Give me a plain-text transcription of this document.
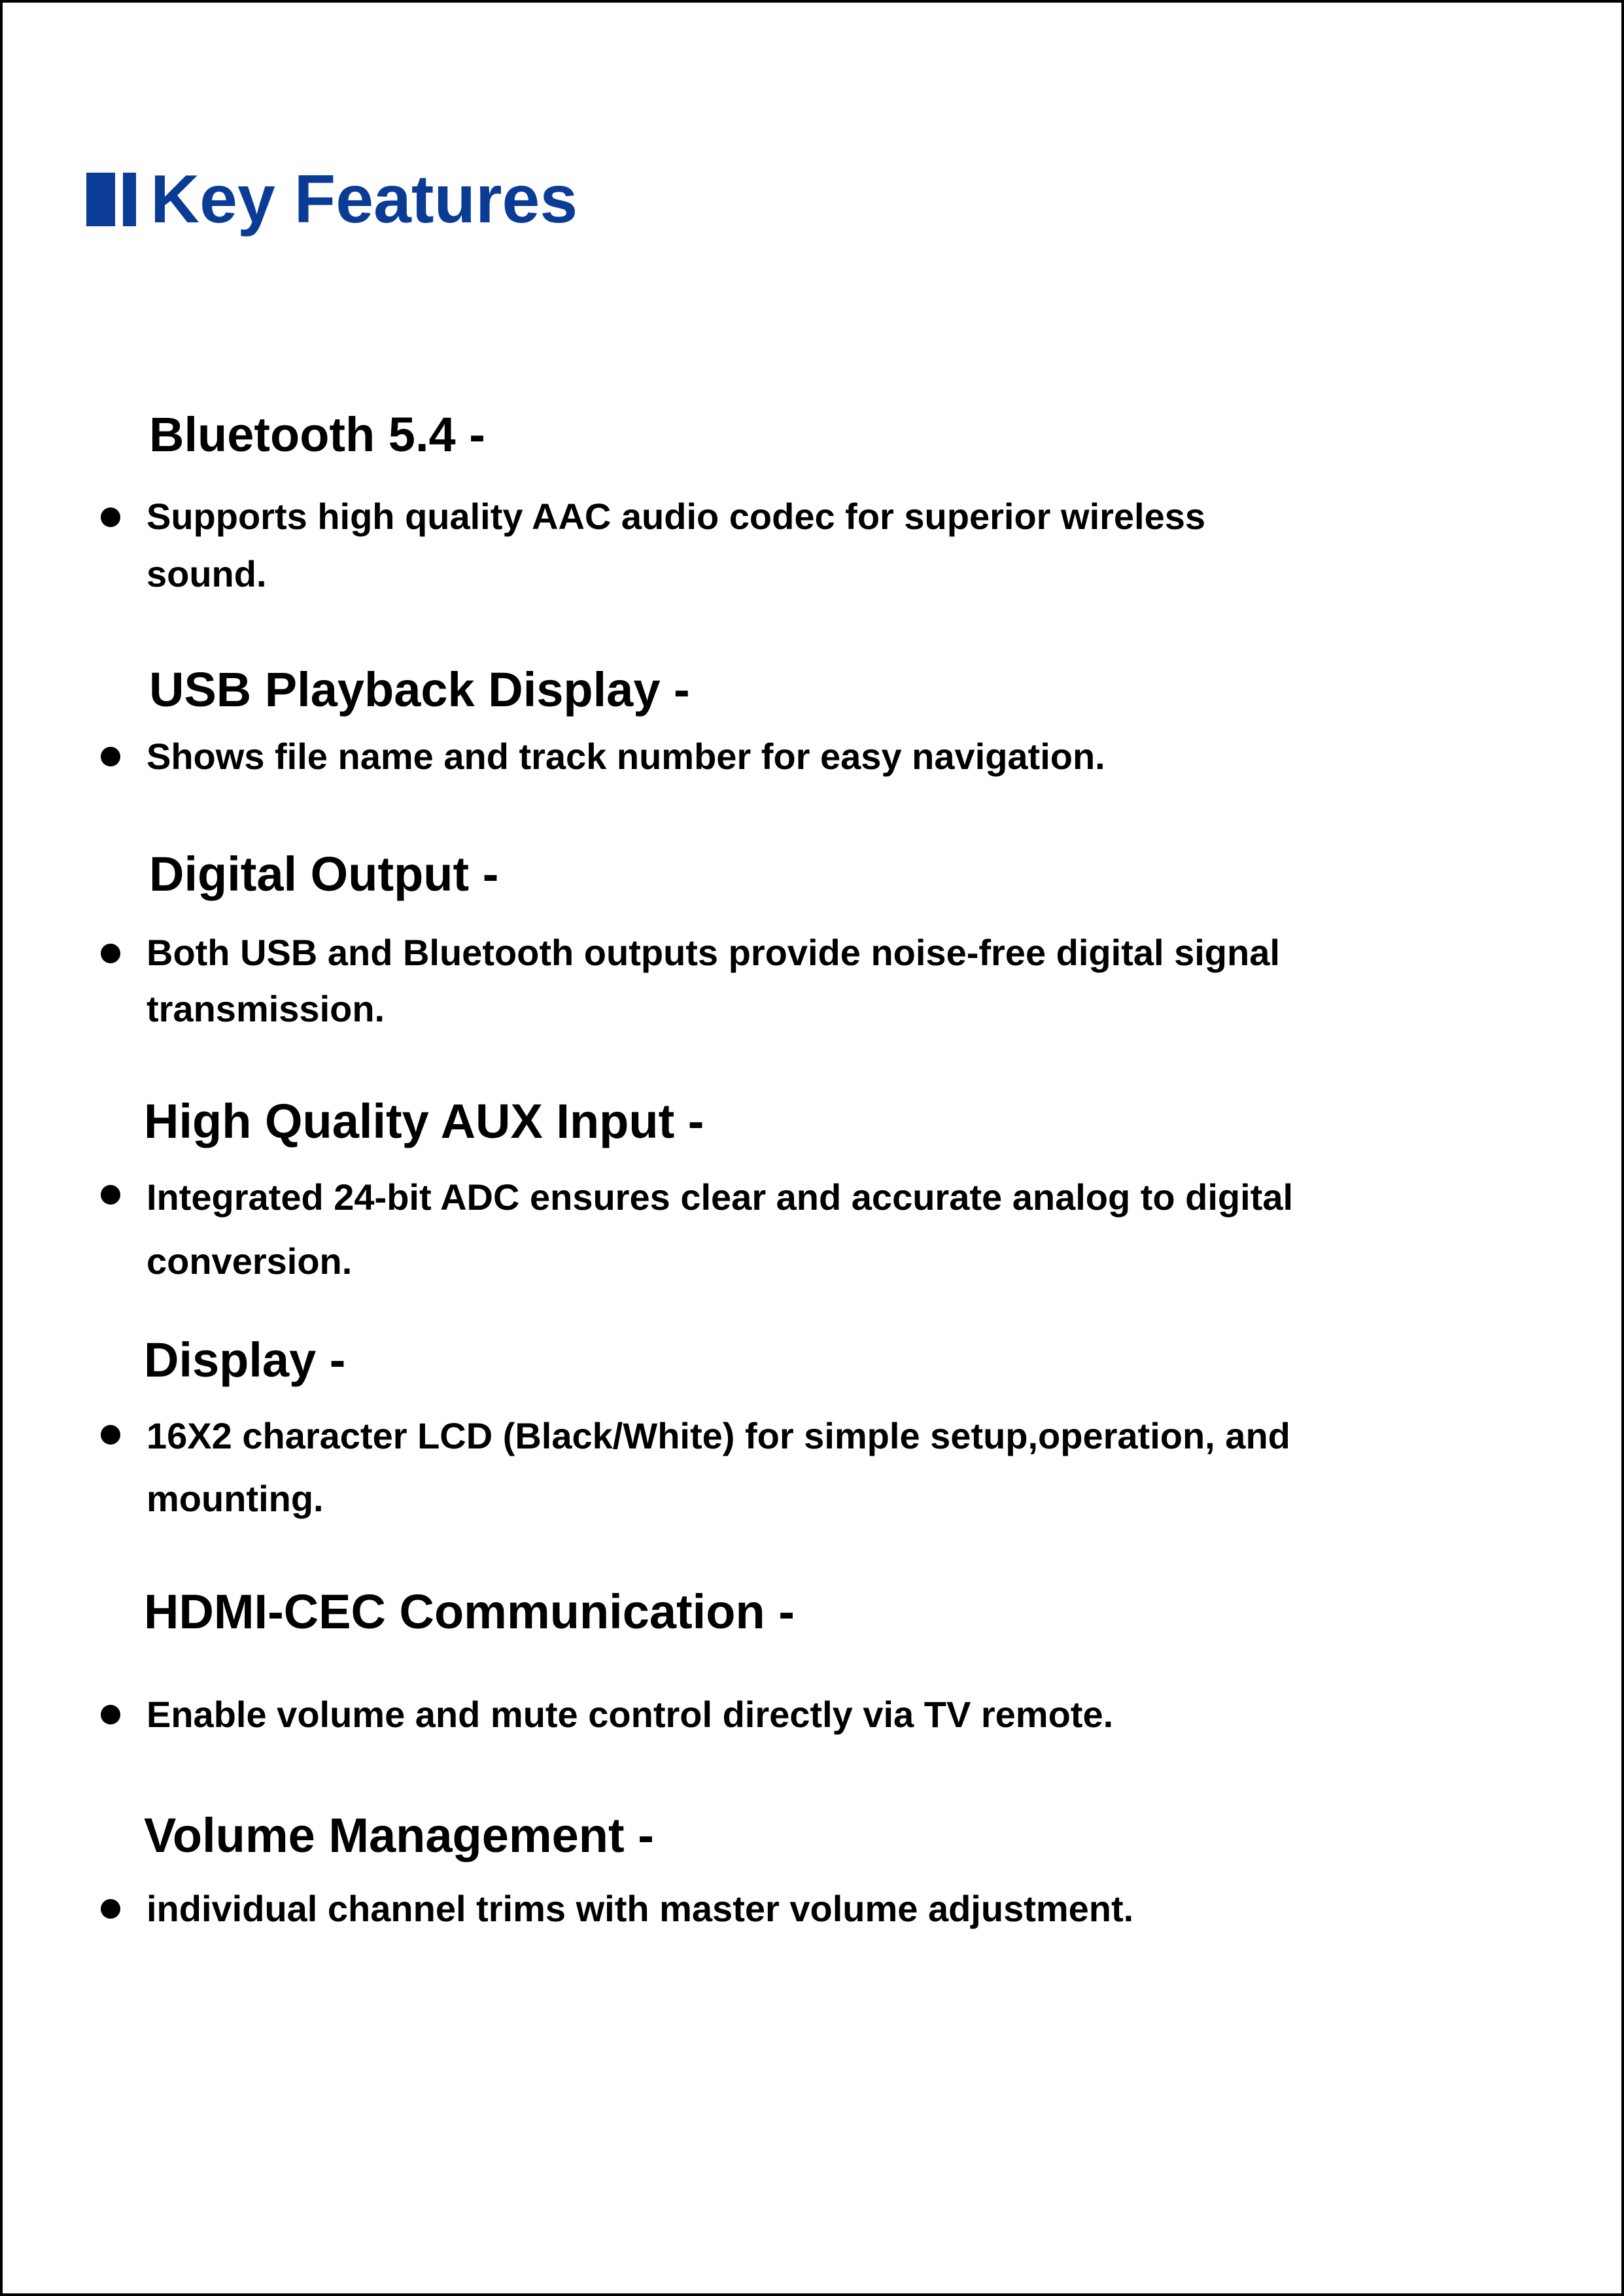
Key Features
Bluetooth 5.4 -
Supports high quality AAC audio codec for superior wireless
sound.
USB Playback Display -
Shows file name and track number for easy navigation.
Digital Output -
Both USB and Bluetooth outputs provide noise-free digital signal
transmission.
High Quality AUX Input -
Integrated 24-bit ADC ensures clear and accurate analog to digital
conversion.
Display -
16X2 character LCD (Black/White) for simple setup,operation, and
mounting.
HDMI-CEC Communication -
Enable volume and mute control directly via TV remote.
Volume Management -
individual channel trims with master volume adjustment.
